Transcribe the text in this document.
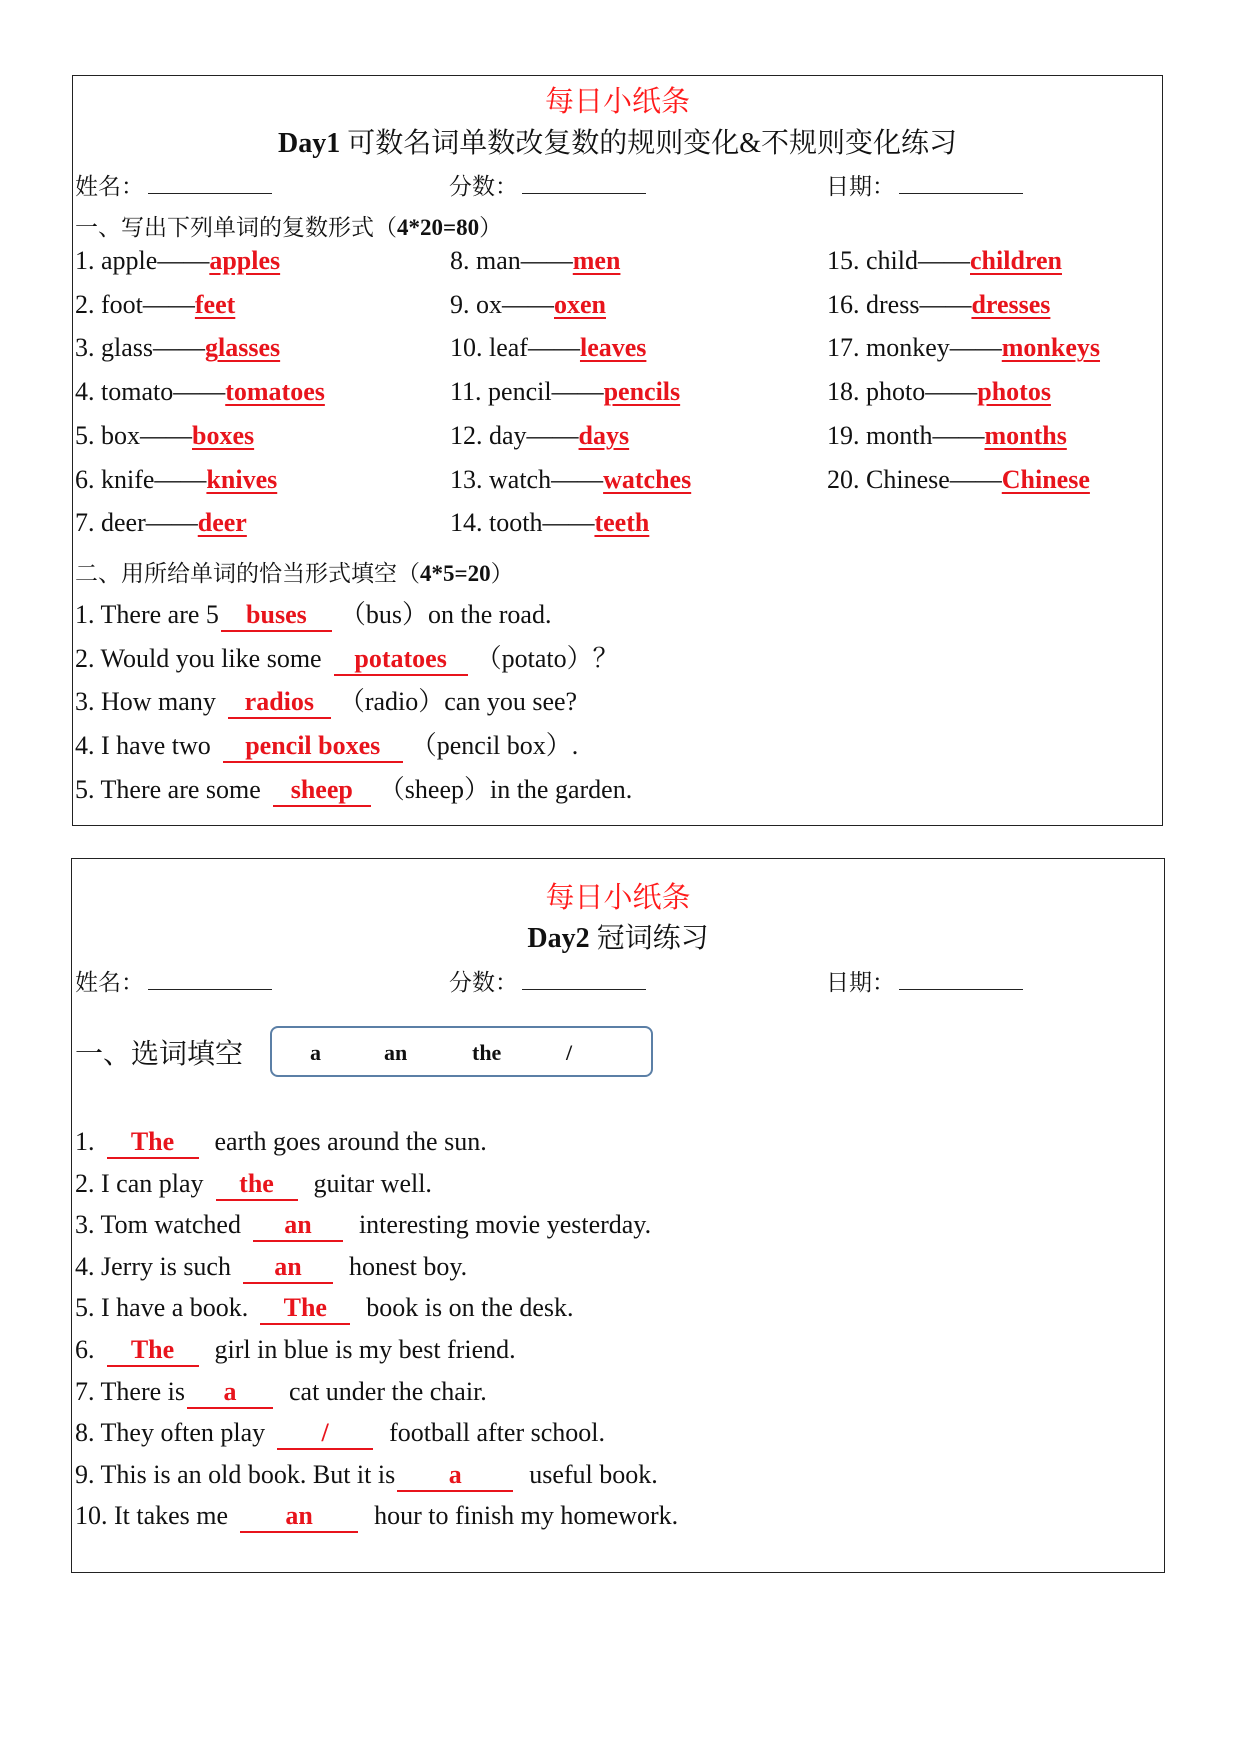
每日小纸条
Day1 可数名词单数改复数的规则变化&不规则变化练习
姓名：	分数：	日期：
一、写出下列单词的复数形式（4*20=80）
1. apple——apples
2. foot——feet
3. glass——glasses
4. tomato——tomatoes
5. box——boxes
6. knife——knives
7. deer——deer
8. man——men
9. ox——oxen
10. leaf——leaves
11. pencil——pencils
12. day——days
13. watch——watches
14. tooth——teeth
15. child——children
16. dress——dresses
17. monkey——monkeys
18. photo——photos
19. month——months
20. Chinese——Chinese
二、用所给单词的恰当形式填空（4*5=20）
1. There are 5 buses （bus）on the road.
2. Would you like some potatoes （potato）？
3. How many radios （radio）can you see?
4. I have two pencil boxes （pencil box）.
5. There are some sheep （sheep）in the garden.
每日小纸条
Day2 冠词练习
姓名：	分数：	日期：
一、选词填空	a	an	the	/
1. The earth goes around the sun.
2. I can play the guitar well.
3. Tom watched an interesting movie yesterday.
4. Jerry is such an honest boy.
5. I have a book. The book is on the desk.
6. The girl in blue is my best friend.
7. There is a cat under the chair.
8. They often play / football after school.
9. This is an old book. But it is a	useful book.
10. It takes me an hour to finish my homework.
